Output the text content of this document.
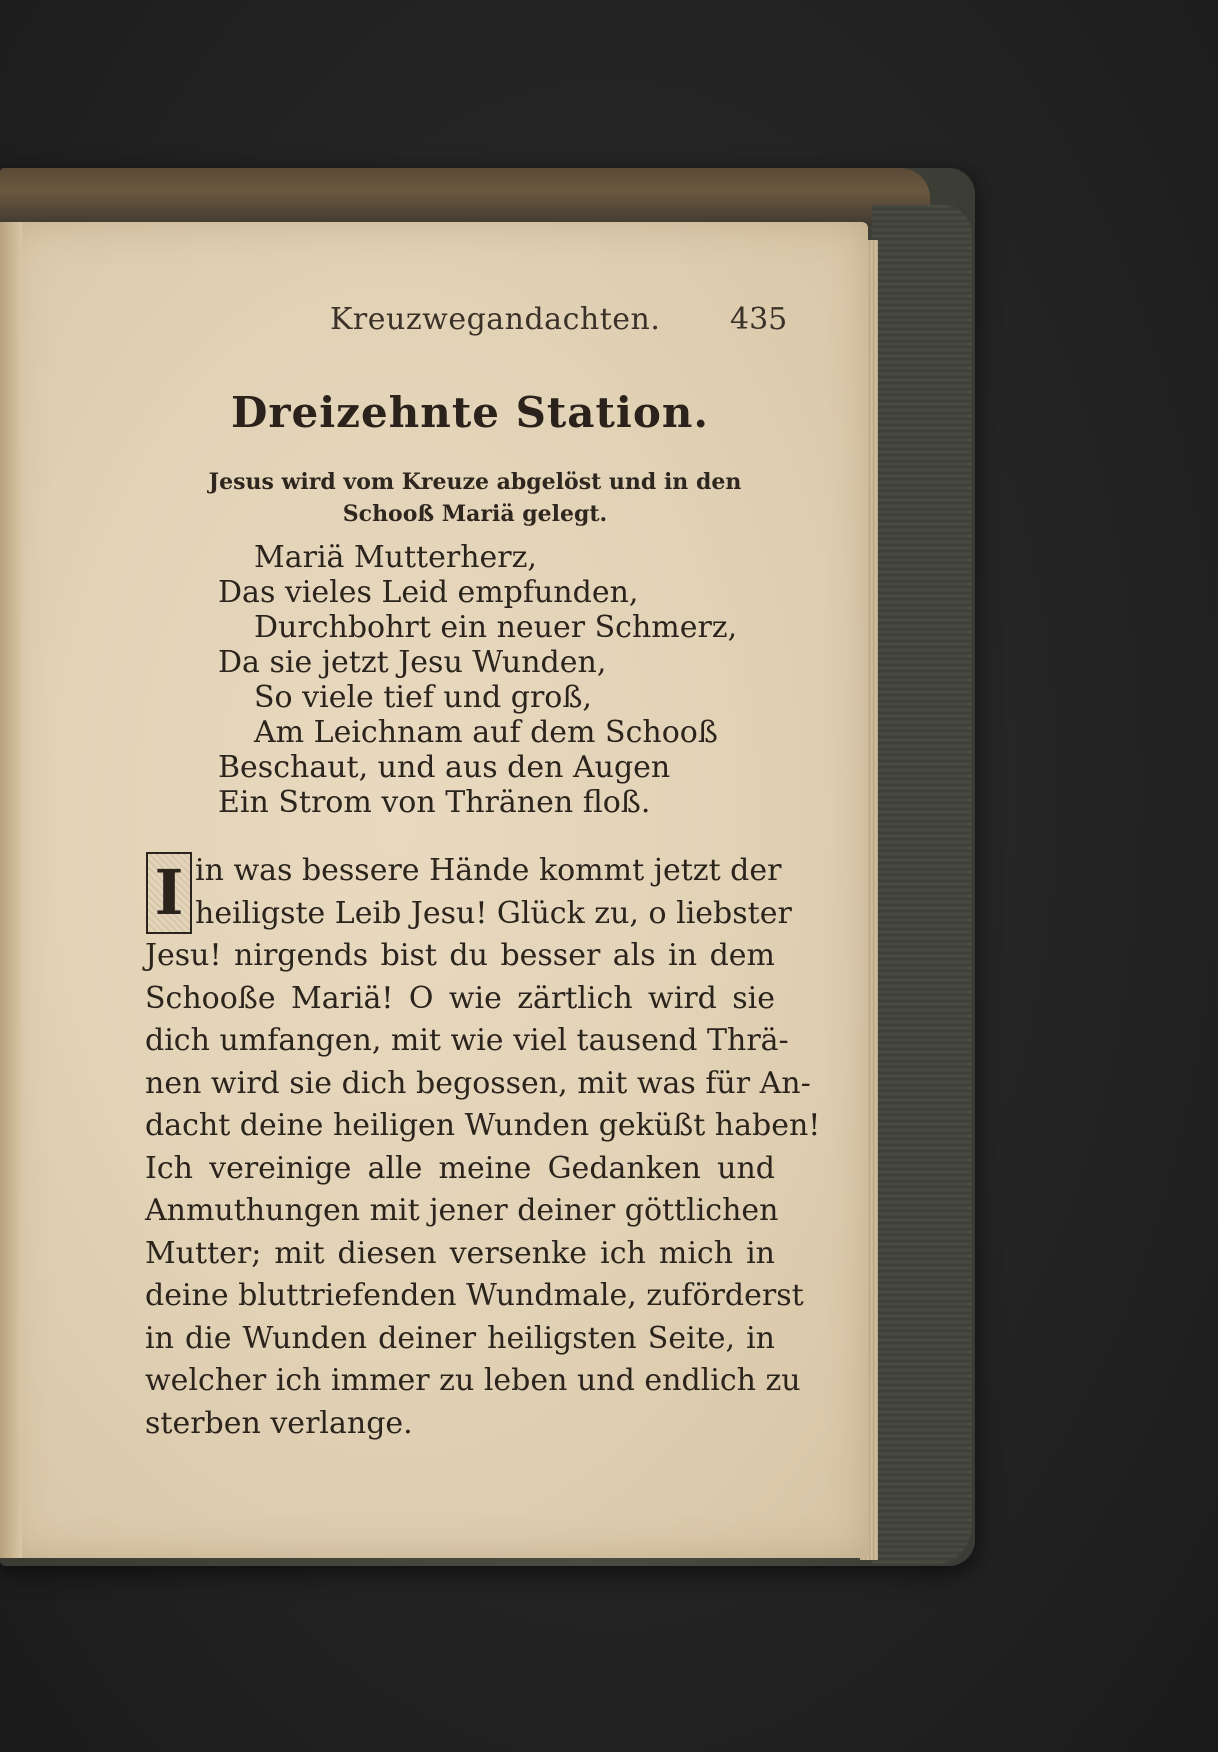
Kreuzwegandachten. 435
Dreizehnte Station.
Jesus wird vom Kreuze abgelöst und in den
Schooß Mariä gelegt.
Mariä Mutterherz,
Das vieles Leid empfunden,
Durchbohrt ein neuer Schmerz,
Da sie jetzt Jesu Wunden,
So viele tief und groß,
Am Leichnam auf dem Schooß
Beschaut, und aus den Augen
Ein Strom von Thränen floß.
I in was bessere Hände kommt jetzt der
heiligste Leib Jesu! Glück zu, o liebster
Jesu! nirgends bist du besser als in dem
Schooße Mariä! O wie zärtlich wird sie
dich umfangen, mit wie viel tausend Thrä-
nen wird sie dich begossen, mit was für An-
dacht deine heiligen Wunden geküßt haben!
Ich vereinige alle meine Gedanken und
Anmuthungen mit jener deiner göttlichen
Mutter; mit diesen versenke ich mich in
deine bluttriefenden Wundmale, zuförderst
in die Wunden deiner heiligsten Seite, in
welcher ich immer zu leben und endlich zu
sterben verlange.
